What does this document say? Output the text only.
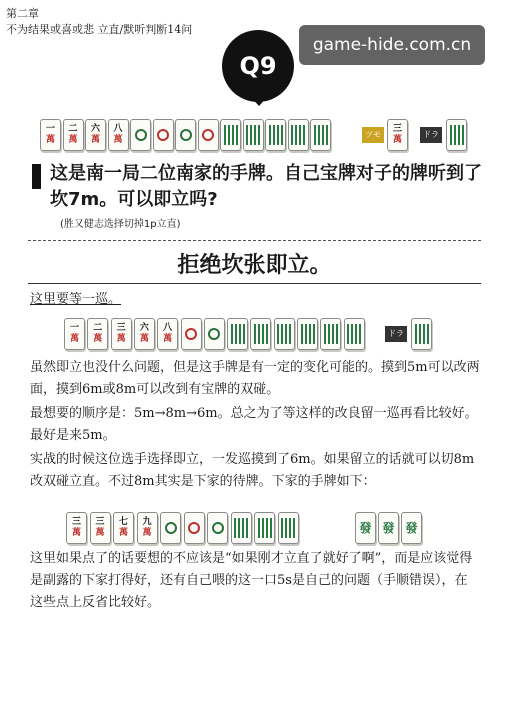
第二章
不为结果或喜或悲 立直/默听判断14问
Q9
game-hide.com.cn
一
萬
二
萬
六
萬
八
萬
ツモ
三
萬
ドラ
这是南一局二位南家的手牌。自己宝牌对子的牌听到了坎7m。可以即立吗?
(胜又健志选择切掉1p立直)
拒绝坎张即立。
这里要等一巡。
一
萬
二
萬
三
萬
六
萬
八
萬
ドラ
虽然即立也没什么问题，但是这手牌是有一定的变化可能的。摸到5m可以改两面，摸到6m或8m可以改到有宝牌的双碰。
最想要的顺序是：5m→8m→6m。总之为了等这样的改良留一巡再看比较好。最好是来5m。
实战的时候这位选手选择即立，一发巡摸到了6m。如果留立的话就可以切8m改双碰立直。不过8m其实是下家的待牌。下家的手牌如下：
三
萬
三
萬
七
萬
九
萬	發 發 發
这里如果点了的话要想的不应该是“如果刚才立直了就好了啊”，而是应该觉得是副露的下家打得好，还有自己喂的这一口5s是自己的问题（手顺错误），在这些点上反省比较好。
